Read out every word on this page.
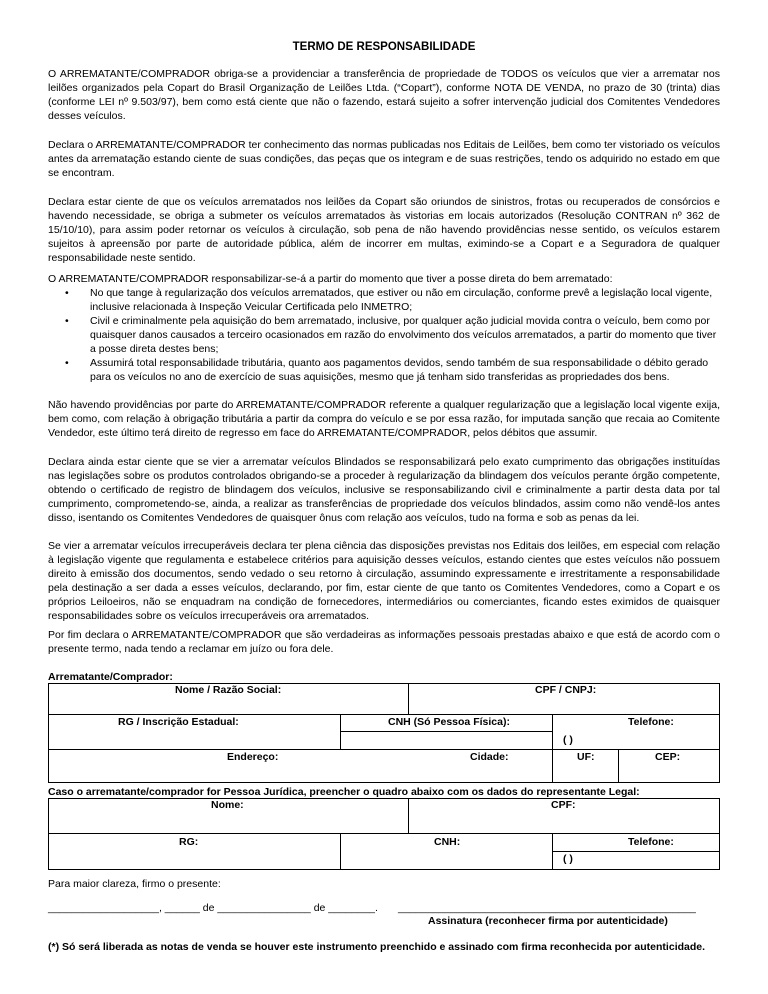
TERMO DE RESPONSABILIDADE

O ARREMATANTE/COMPRADOR obriga-se a providenciar a transferência de propriedade de TODOS os veículos que vier a arrematar nos leilões organizados pela Copart do Brasil Organização de Leilões Ltda. (“Copart”), conforme NOTA DE VENDA, no prazo de 30 (trinta) dias (conforme LEI nº 9.503/97), bem como está ciente que não o fazendo, estará sujeito a sofrer intervenção judicial dos Comitentes Vendedores desses veículos.

Declara o ARREMATANTE/COMPRADOR ter conhecimento das normas publicadas nos Editais de Leilões, bem como ter vistoriado os veículos antes da arrematação estando ciente de suas condições, das peças que os integram e de suas restrições, tendo os adquirido no estado em que se encontram.

Declara estar ciente de que os veículos arrematados nos leilões da Copart são oriundos de sinistros, frotas ou recuperados de consórcios e havendo necessidade, se obriga a submeter os veículos arrematados às vistorias em locais autorizados (Resolução CONTRAN nº 362 de 15/10/10), para assim poder retornar os veículos à circulação, sob pena de não havendo providências nesse sentido, os veículos estarem sujeitos à apreensão por parte de autoridade pública, além de incorrer em multas, eximindo-se a Copart e a Seguradora de qualquer responsabilidade neste sentido.

O ARREMATANTE/COMPRADOR responsabilizar-se-á a partir do momento que tiver a posse direta do bem arrematado:

• No que tange à regularização dos veículos arrematados, que estiver ou não em circulação, conforme prevê a legislação local vigente, inclusive relacionada à Inspeção Veicular Certificada pelo INMETRO;
• Civil e criminalmente pela aquisição do bem arrematado, inclusive, por qualquer ação judicial movida contra o veículo, bem como por quaisquer danos causados a terceiro ocasionados em razão do envolvimento dos veículos arrematados, a partir do momento que tiver a posse direta destes bens;
• Assumirá total responsabilidade tributária, quanto aos pagamentos devidos, sendo também de sua responsabilidade o débito gerado para os veículos no ano de exercício de suas aquisições, mesmo que já tenham sido transferidas as propriedades dos bens.

Não havendo providências por parte do ARREMATANTE/COMPRADOR referente a qualquer regularização que a legislação local vigente exija, bem como, com relação à obrigação tributária a partir da compra do veículo e se por essa razão, for imputada sanção que recaia ao Comitente Vendedor, este último terá direito de regresso em face do ARREMATANTE/COMPRADOR, pelos débitos que assumir.

Declara ainda estar ciente que se vier a arrematar veículos Blindados se responsabilizará pelo exato cumprimento das obrigações instituídas nas legislações sobre os produtos controlados obrigando-se a proceder à regularização da blindagem dos veículos perante órgão competente, obtendo o certificado de registro de blindagem dos veículos, inclusive se responsabilizando civil e criminalmente a partir desta data por tal cumprimento, comprometendo-se, ainda, a realizar as transferências de propriedade dos veículos blindados, assim como não vendê-los antes disso, isentando os Comitentes Vendedores de quaisquer ônus com relação aos veículos, tudo na forma e sob as penas da lei.

Se vier a arrematar veículos irrecuperáveis declara ter plena ciência das disposições previstas nos Editais dos leilões, em especial com relação à legislação vigente que regulamenta e estabelece critérios para aquisição desses veículos, estando cientes que estes veículos não possuem direito à emissão dos documentos, sendo vedado o seu retorno à circulação, assumindo expressamente e irrestritamente a responsabilidade pela destinação a ser dada a esses veículos, declarando, por fim, estar ciente de que tanto os Comitentes Vendedores, como a Copart e os próprios Leiloeiros, não se enquadram na condição de fornecedores, intermediários ou comerciantes, ficando estes eximidos de quaisquer responsabilidades sobre os veículos irrecuperáveis ora arrematados.

Por fim declara o ARREMATANTE/COMPRADOR que são verdadeiras as informações pessoais prestadas abaixo e que está de acordo com o presente termo, nada tendo a reclamar em juízo ou fora dele.

Arrematante/Comprador:
Nome / Razão Social:	CPF / CNPJ:
RG / Inscrição Estadual:	CNH (Só Pessoa Física):	Telefone:
( )
Endereço:	Cidade:	UF:	CEP:
Caso o arrematante/comprador for Pessoa Jurídica, preencher o quadro abaixo com os dados do representante Legal:
Nome:	CPF:
RG:	CNH:	Telefone:
( )
Para maior clareza, firmo o presente:
___________________, ______ de ________________ de ________. ___________________________________________________
Assinatura (reconhecer firma por autenticidade)
(*) Só será liberada as notas de venda se houver este instrumento preenchido e assinado com firma reconhecida por autenticidade.
